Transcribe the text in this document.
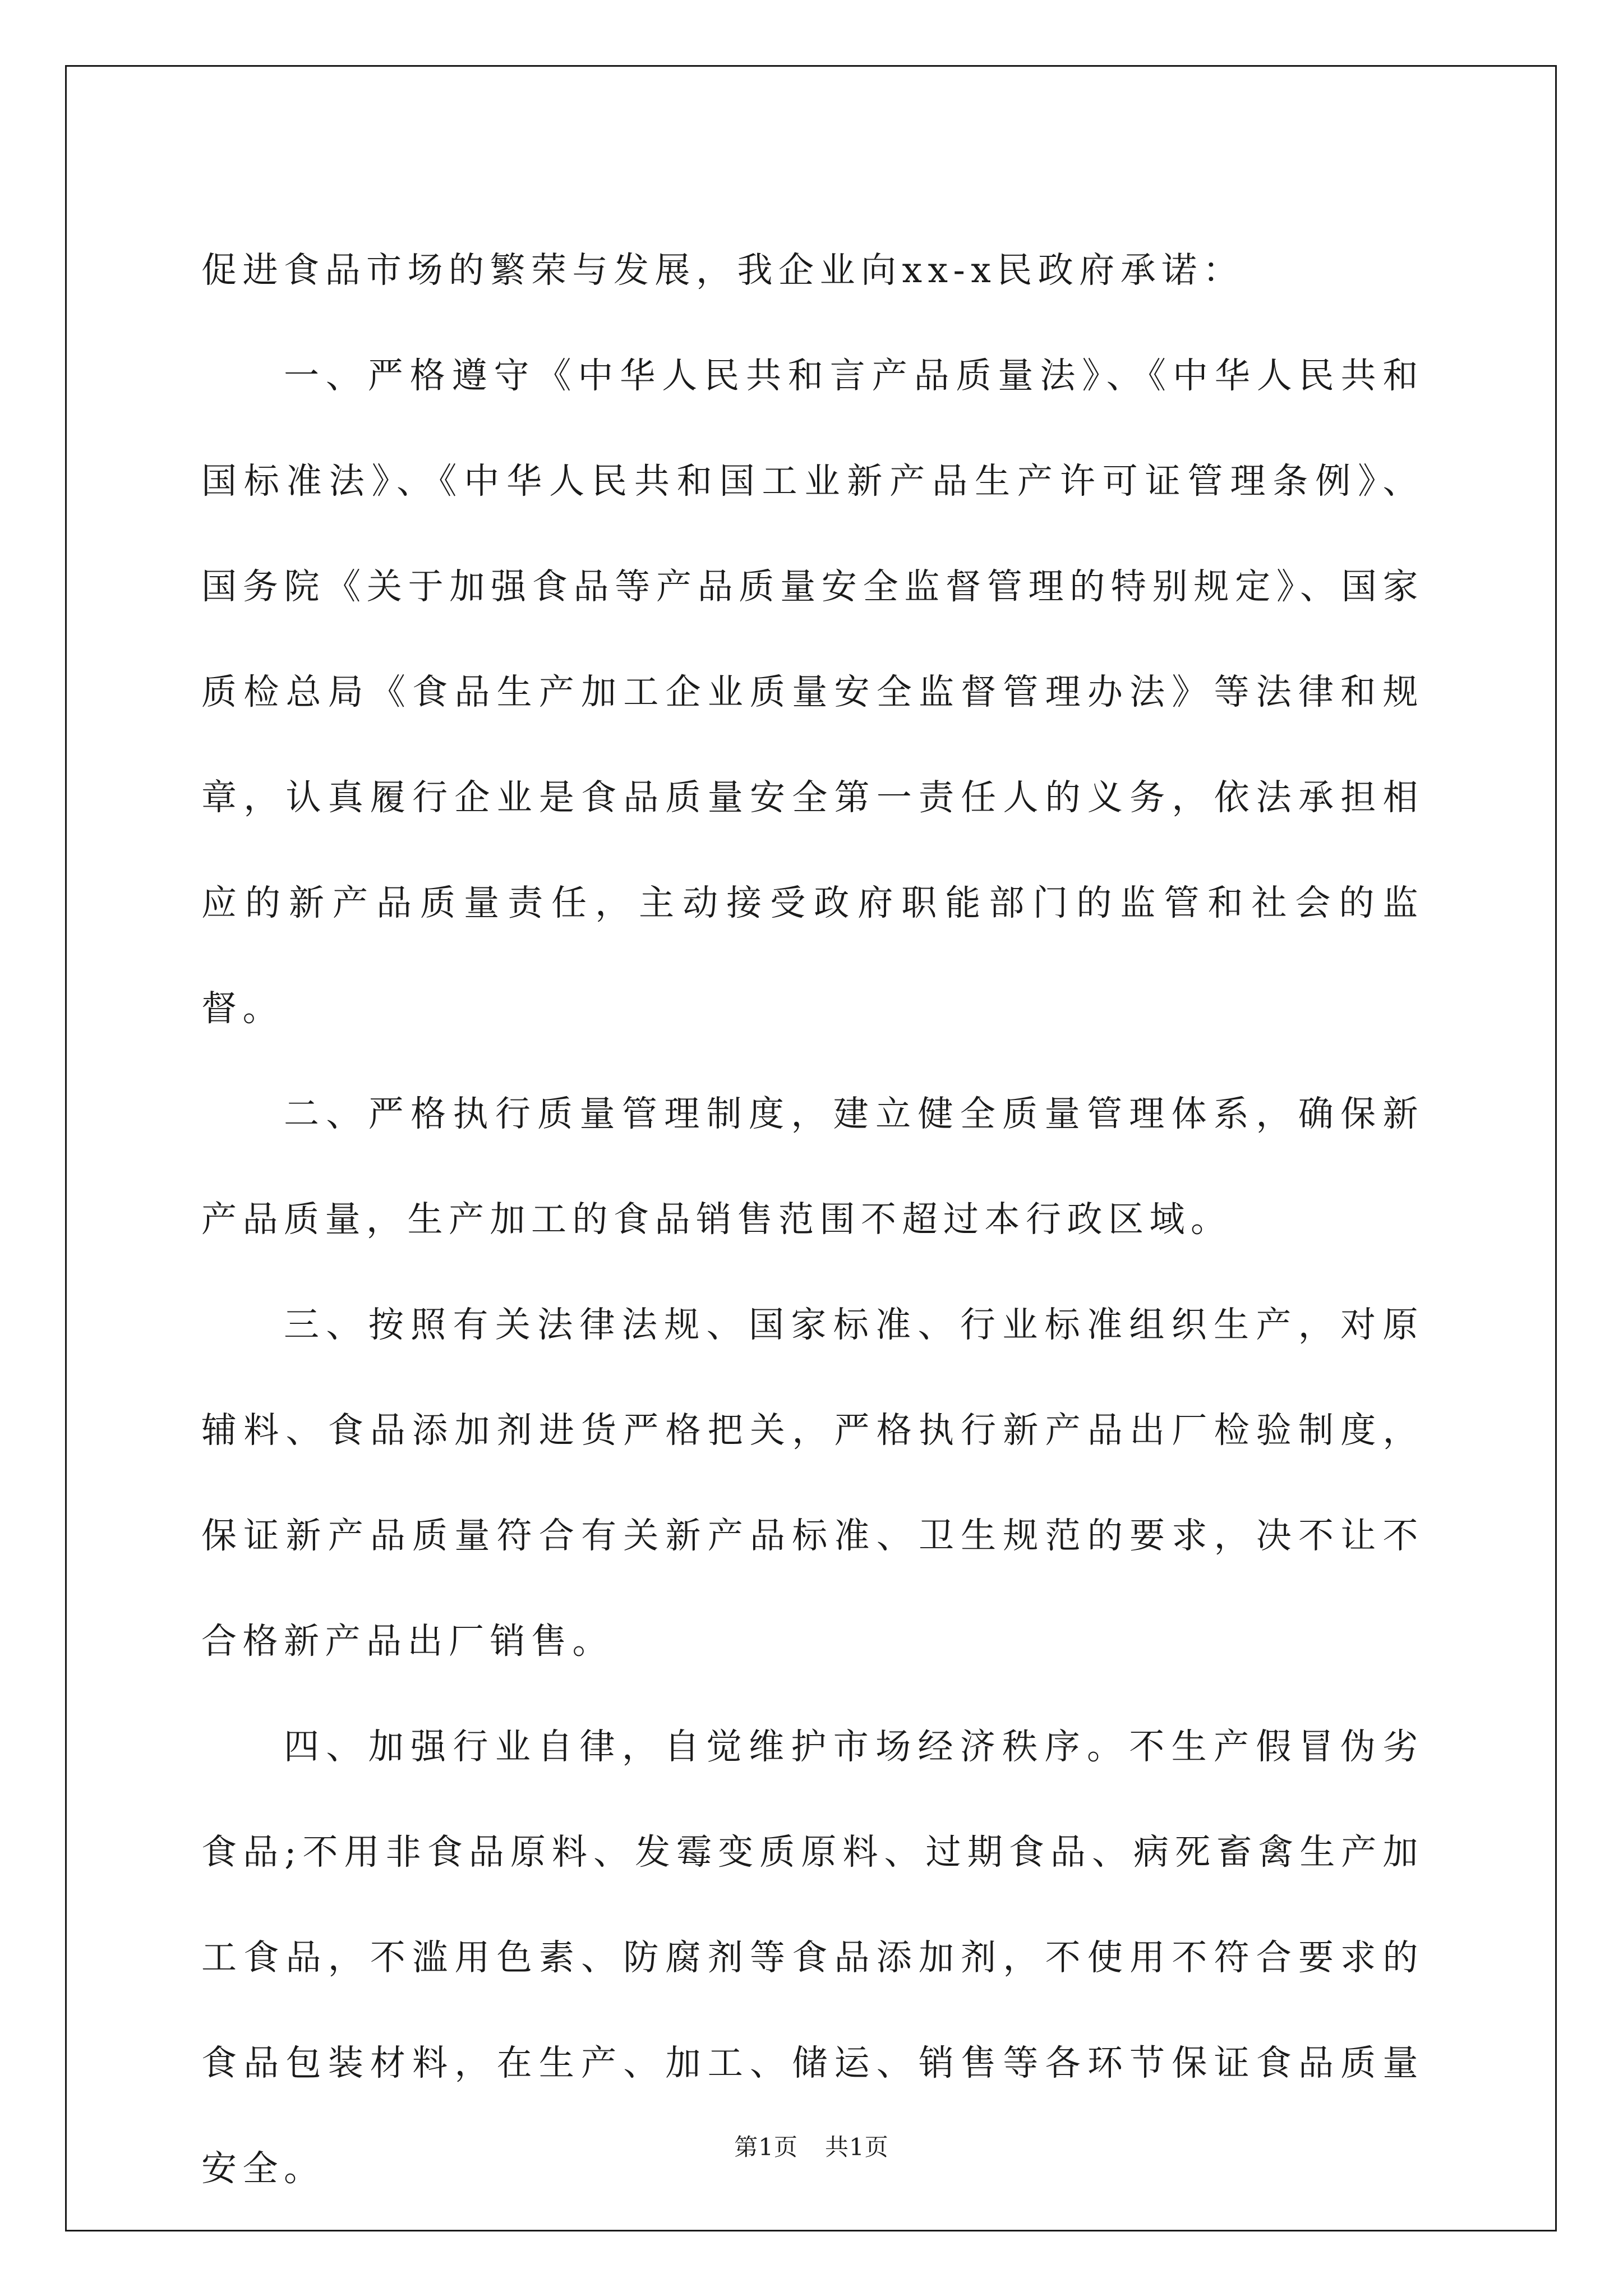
促进食品市场的繁荣与发展，我企业向xx-x民政府承诺：

一、严格遵守《中华人民共和言产品质量法》、《中华人民共和国标准法》、《中华人民共和国工业新产品生产许可证管理条例》、国务院《关于加强食品等产品质量安全监督管理的特别规定》、国家质检总局《食品生产加工企业质量安全监督管理办法》等法律和规章，认真履行企业是食品质量安全第一责任人的义务，依法承担相应的新产品质量责任，主动接受政府职能部门的监管和社会的监督。

二、严格执行质量管理制度，建立健全质量管理体系，确保新产品质量，生产加工的食品销售范围不超过本行政区域。

三、按照有关法律法规、国家标准、行业标准组织生产，对原辅料、食品添加剂进货严格把关，严格执行新产品出厂检验制度，保证新产品质量符合有关新产品标准、卫生规范的要求，决不让不合格新产品出厂销售。

四、加强行业自律，自觉维护市场经济秩序。不生产假冒伪劣食品;不用非食品原料、发霉变质原料、过期食品、病死畜禽生产加工食品，不滥用色素、防腐剂等食品添加剂，不使用不符合要求的食品包装材料，在生产、加工、储运、销售等各环节保证食品质量安全。

第1页 共1页
